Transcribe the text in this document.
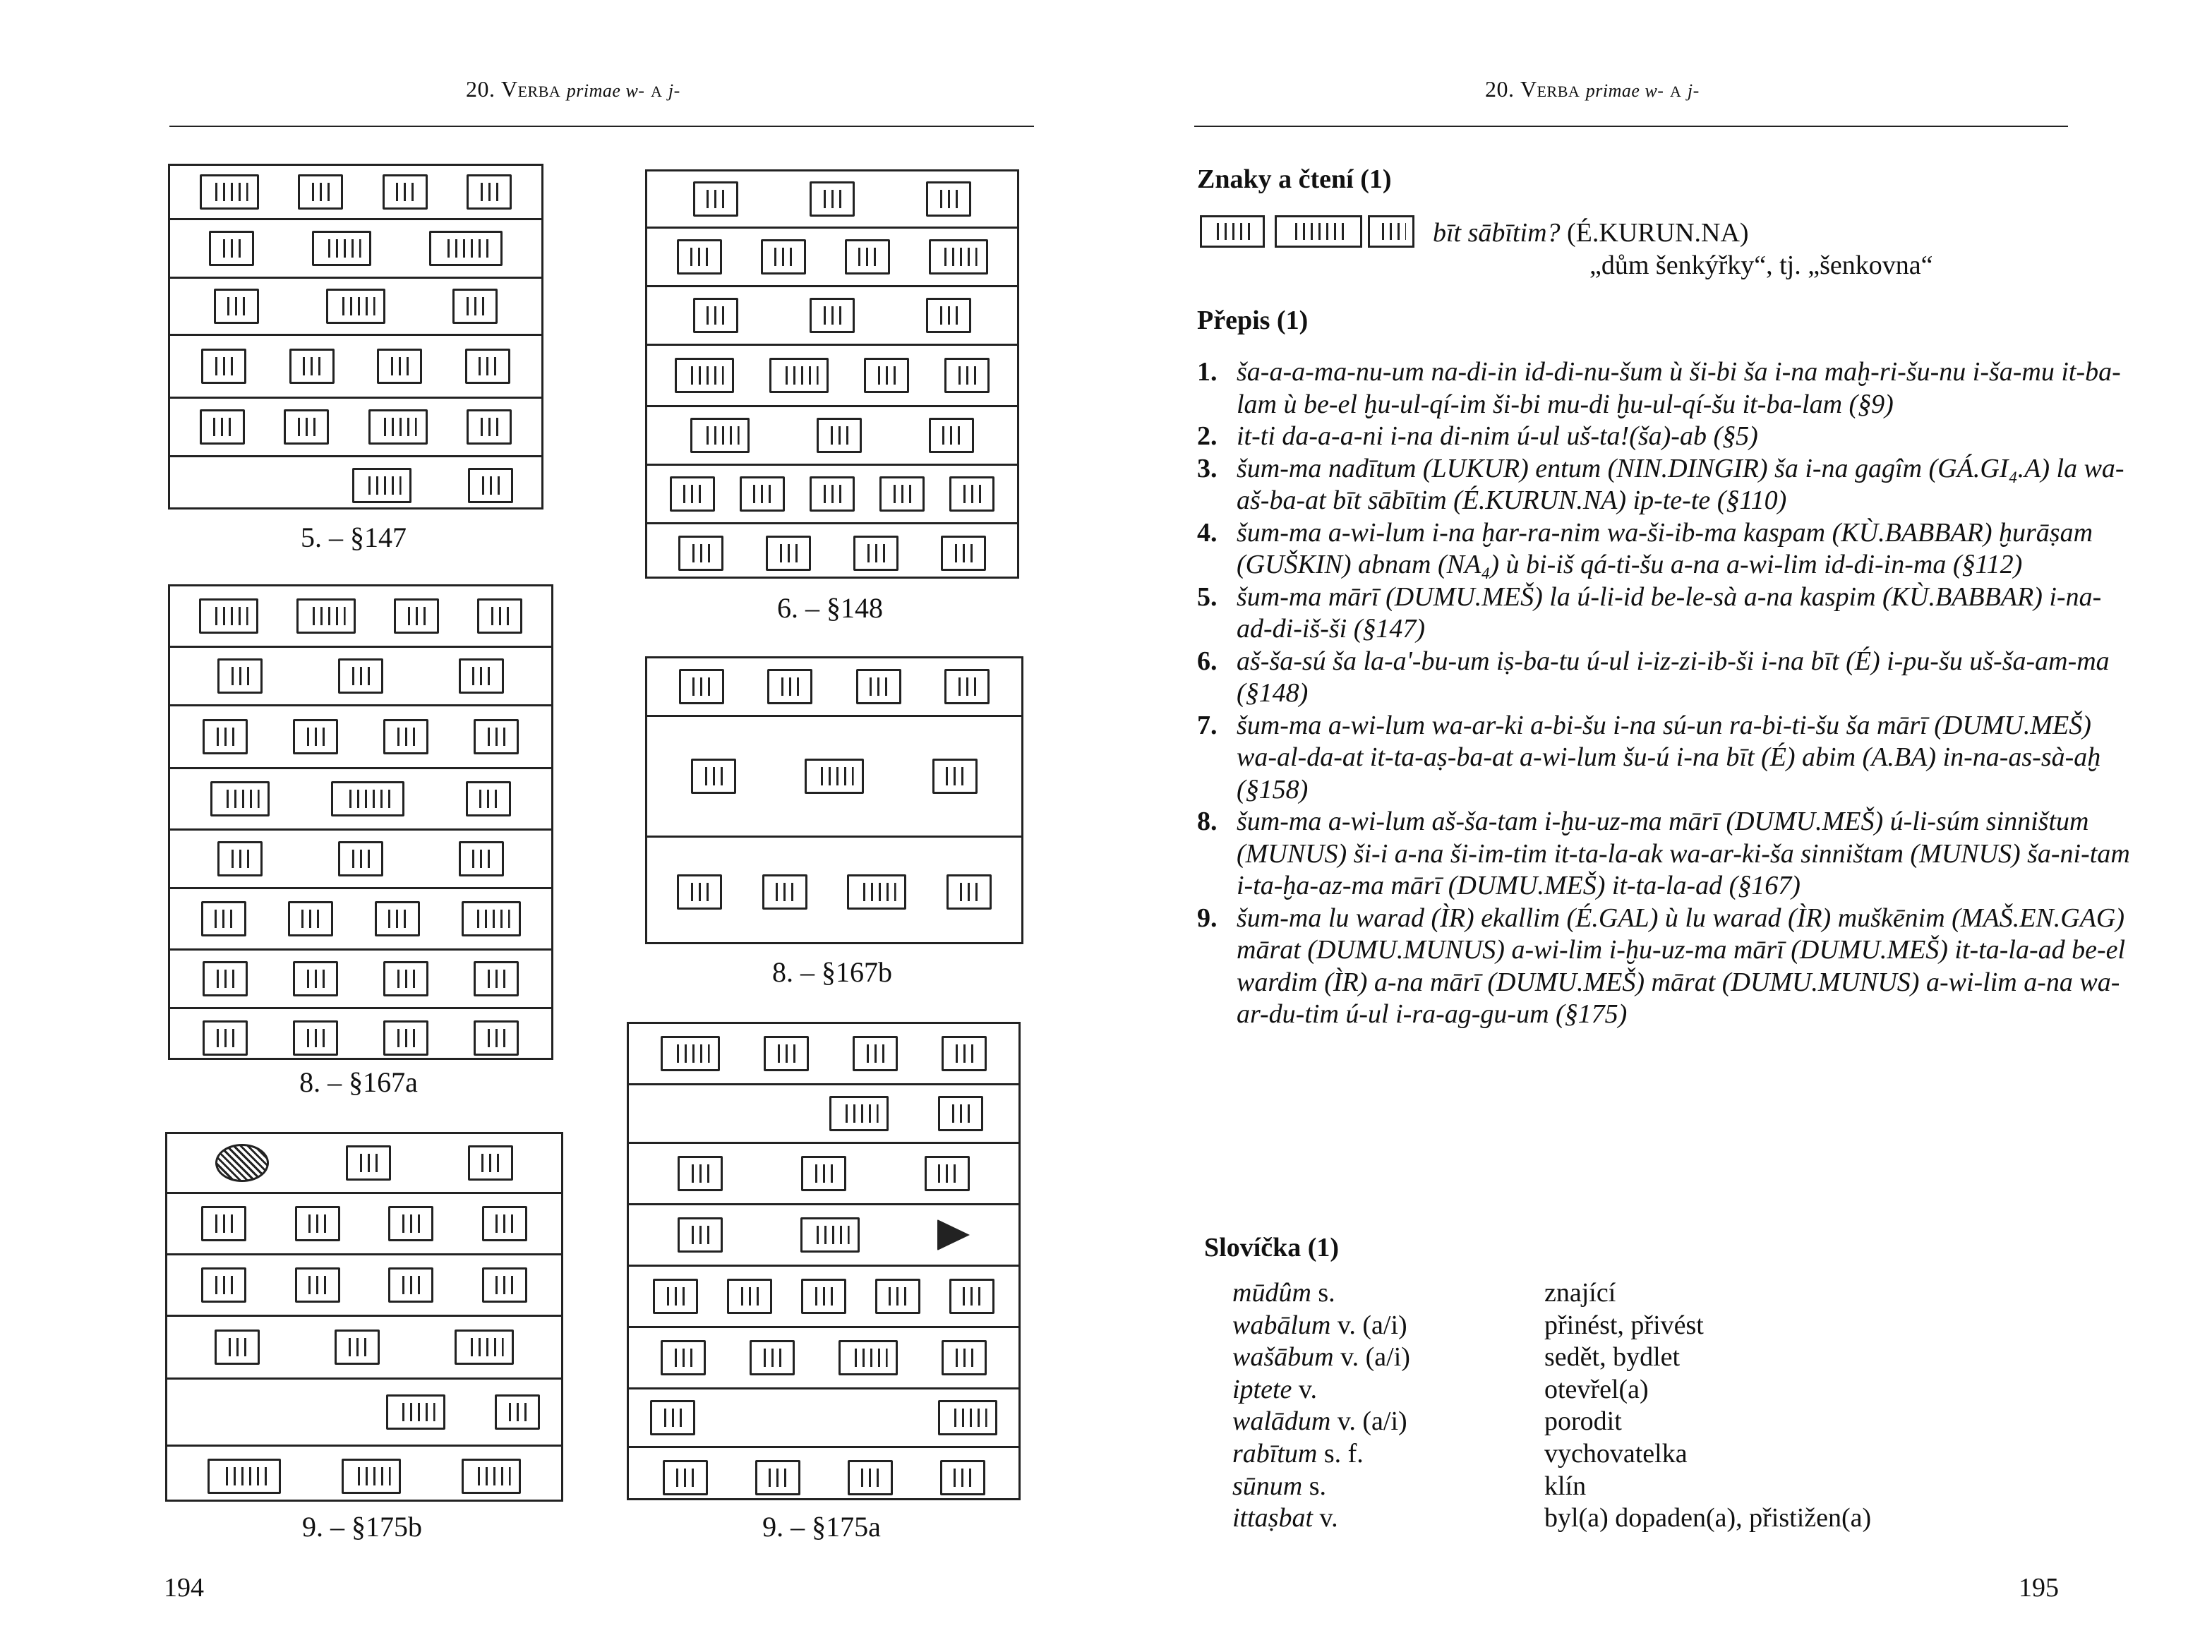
20. Verba primae w- a j-
5. – §147
6. – §148
8. – §167a
8. – §167b
9. – §175b	9. – §175a
194
20. Verba primae w- a j-
Znaky a čtení (1)
bīt sābītim? (É.KURUN.NA)
„dům šenkýřky“, tj. „šenkovna“
Přepis (1)
1. ša-a-a-ma-nu-um na-di-in id-di-nu-šum ù ši-bi ša i-na maḫ-ri-šu-nu i-ša-mu it-ba-lam ù be-el ḫu-ul-qí-im ši-bi mu-di ḫu-ul-qí-šu it-ba-lam (§9)
2. it-ti da-a-a-ni i-na di-nim ú-ul uš-ta!(ša)-ab (§5)
3. šum-ma nadītum (LUKUR) entum (NIN.DINGIR) ša i-na gagîm (GÁ.GI₄.A) la wa-aš-ba-at bīt sābītim (É.KURUN.NA) ip-te-te (§110)
4. šum-ma a-wi-lum i-na ḫar-ra-nim wa-ši-ib-ma kaspam (KÙ.BABBAR) ḫurāṣam (GUŠKIN) abnam (NA₄) ù bi-iš qá-ti-šu a-na a-wi-lim id-di-in-ma (§112)
5. šum-ma mārī (DUMU.MEŠ) la ú-li-id be-le-sà a-na kaspim (KÙ.BABBAR) i-na-ad-di-iš-ši (§147)
6. aš-ša-sú ša la-a'-bu-um iṣ-ba-tu ú-ul i-iz-zi-ib-ši i-na bīt (É) i-pu-šu uš-ša-am-ma (§148)
7. šum-ma a-wi-lum wa-ar-ki a-bi-šu i-na sú-un ra-bi-ti-šu ša mārī (DUMU.MEŠ) wa-al-da-at it-ta-aṣ-ba-at a-wi-lum šu-ú i-na bīt (É) abim (A.BA) in-na-as-sà-aḫ (§158)
8. šum-ma a-wi-lum aš-ša-tam i-ḫu-uz-ma mārī (DUMU.MEŠ) ú-li-súm sinništum (MUNUS) ši-i a-na ši-im-tim it-ta-la-ak wa-ar-ki-ša sinništam (MUNUS) ša-ni-tam i-ta-ḫa-az-ma mārī (DUMU.MEŠ) it-ta-la-ad (§167)
9. šum-ma lu warad (ÌR) ekallim (É.GAL) ù lu warad (ÌR) muškēnim (MAŠ.EN.GAG) mārat (DUMU.MUNUS) a-wi-lim i-ḫu-uz-ma mārī (DUMU.MEŠ) it-ta-la-ad be-el wardim (ÌR) a-na mārī (DUMU.MEŠ) mārat (DUMU.MUNUS) a-wi-lim a-na wa-ar-du-tim ú-ul i-ra-ag-gu-um (§175)
Slovíčka (1)
mūdûm s.	znající
wabālum v. (a/i)	přinést, přivést
wašābum v. (a/i)	sedět, bydlet
iptete v.	otevřel(a)
walādum v. (a/i)	porodit
rabītum s. f.	vychovatelka
sūnum s.	klín
ittaṣbat v.	byl(a) dopaden(a), přistižen(a)
195
